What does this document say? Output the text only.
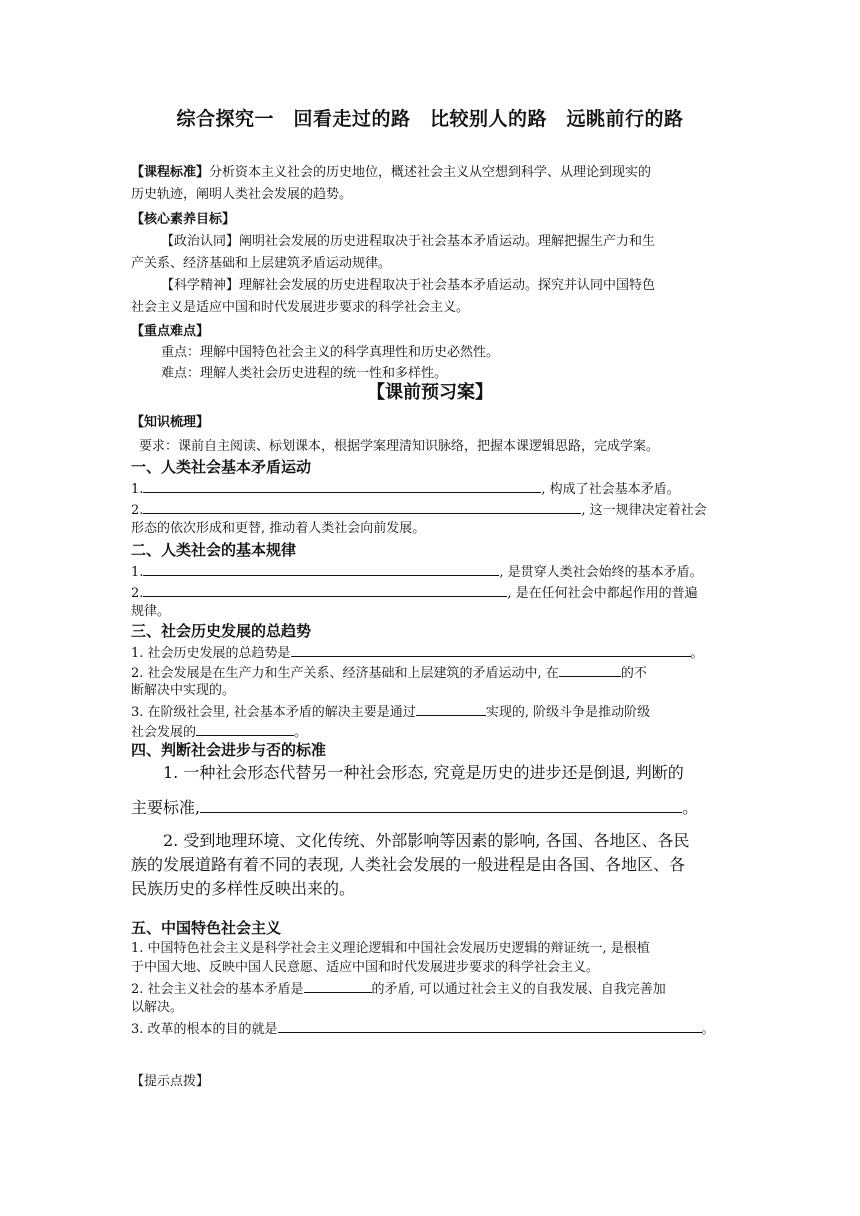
综合探究一　回看走过的路　比较别人的路　远眺前行的路
【课程标准】分析资本主义社会的历史地位，概述社会主义从空想到科学、从理论到现实的
历史轨迹，阐明人类社会发展的趋势。
【核心素养目标】
【政治认同】阐明社会发展的历史进程取决于社会基本矛盾运动。理解把握生产力和生
产关系、经济基础和上层建筑矛盾运动规律。
【科学精神】理解社会发展的历史进程取决于社会基本矛盾运动。探究并认同中国特色
社会主义是适应中国和时代发展进步要求的科学社会主义。
【重点难点】
重点：理解中国特色社会主义的科学真理性和历史必然性。
难点：理解人类社会历史进程的统一性和多样性。
【课前预习案】
【知识梳理】
要求：课前自主阅读、标划课本，根据学案理清知识脉络，把握本课逻辑思路，完成学案。
一、人类社会基本矛盾运动
1.	, 构成了社会基本矛盾。
2.	, 这一规律决定着社会
形态的依次形成和更替, 推动着人类社会向前发展。
二、人类社会的基本规律
1.	, 是贯穿人类社会始终的基本矛盾。
2.	, 是在任何社会中都起作用的普遍
规律。
三、社会历史发展的总趋势
1. 社会历史发展的总趋势是	。
2. 社会发展是在生产力和生产关系、经济基础和上层建筑的矛盾运动中, 在	的不
断解决中实现的。
3. 在阶级社会里, 社会基本矛盾的解决主要是通过	实现的, 阶级斗争是推动阶级
社会发展的	。
四、判断社会进步与否的标准
1. 一种社会形态代替另一种社会形态, 究竟是历史的进步还是倒退, 判断的
主要标准,	。
2. 受到地理环境、文化传统、外部影响等因素的影响, 各国、各地区、各民
族的发展道路有着不同的表现, 人类社会发展的一般进程是由各国、各地区、各
民族历史的多样性反映出来的。
五、中国特色社会主义
1. 中国特色社会主义是科学社会主义理论逻辑和中国社会发展历史逻辑的辩证统一, 是根植
于中国大地、反映中国人民意愿、适应中国和时代发展进步要求的科学社会主义。
2. 社会主义社会的基本矛盾是	的矛盾, 可以通过社会主义的自我发展、自我完善加
以解决。
3. 改革的根本的目的就是	。
【提示点拨】
